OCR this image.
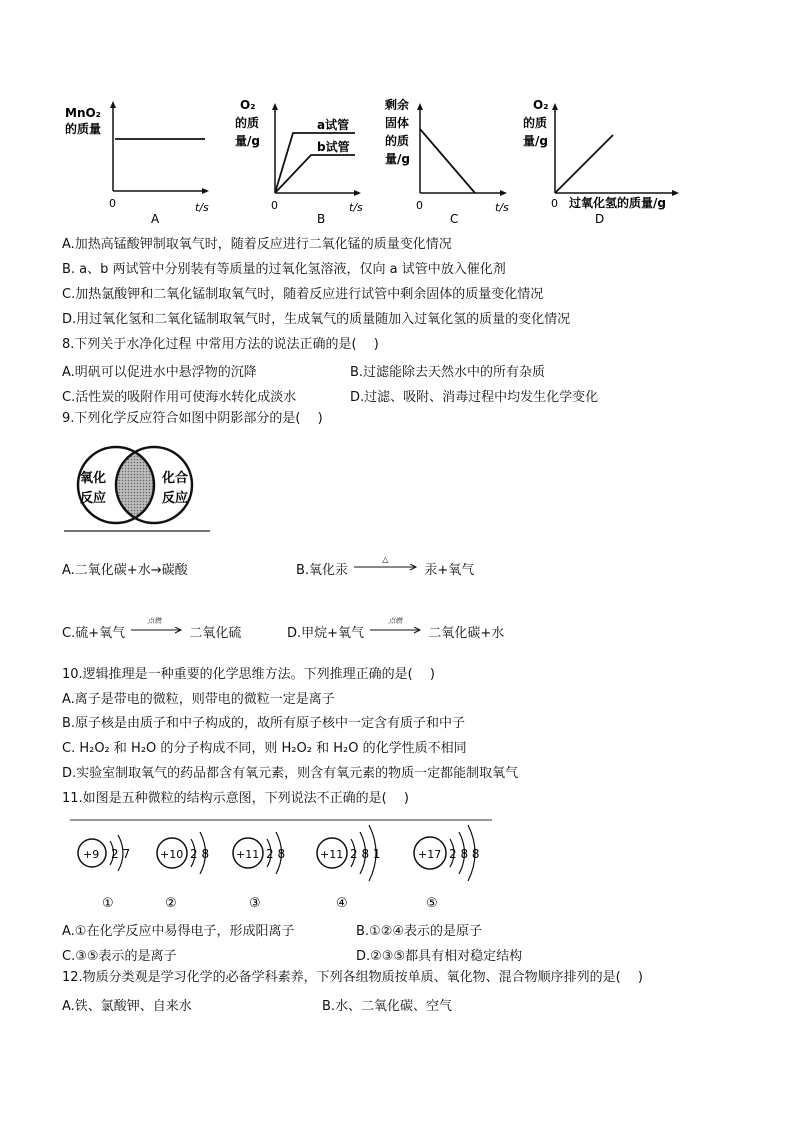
MnO₂
的质量
0	t/s
A
O₂
的质
量/g
a试管
b试管
0	t/s
B
剩余
固体
的质
量/g
0	t/s
C
O₂
的质
量/g
0 过氧化氢的质量/g
D
A.加热高锰酸钾制取氧气时，随着反应进行二氧化锰的质量变化情况
B. a、b 两试管中分别装有等质量的过氧化氢溶液，仅向 a 试管中放入催化剂
C.加热氯酸钾和二氧化锰制取氧气时，随着反应进行试管中剩余固体的质量变化情况
D.用过氧化氢和二氧化锰制取氧气时，生成氧气的质量随加入过氧化氢的质量的变化情况
8.下列关于水净化过程 中常用方法的说法正确的是(　 )
A.明矾可以促进水中悬浮物的沉降	B.过滤能除去天然水中的所有杂质
C.活性炭的吸附作用可使海水转化成淡水	D.过滤、吸附、消毒过程中均发生化学变化
9.下列化学反应符合如图中阴影部分的是(　 )
氧化
反应
化合
反应
A.二氧化碳+水→碳酸	B.氧化汞
△
汞+氧气
C.硫+氧气
点燃
二氧化硫	D.甲烷+氧气
点燃
二氧化碳+水
10.逻辑推理是一种重要的化学思维方法。下列推理正确的是(　 )
A.离子是带电的微粒，则带电的微粒一定是离子
B.原子核是由质子和中子构成的，故所有原子核中一定含有质子和中子
C. H₂O₂ 和 H₂O 的分子构成不同，则 H₂O₂ 和 H₂O 的化学性质不相同
D.实验室制取氧气的药品都含有氧元素，则含有氧元素的物质一定都能制取氧气
11.如图是五种微粒的结构示意图，下列说法不正确的是(　 )
+9 2 7
①
+10 2 8
②
+11 2 8
③
+11 2 8 1
④
+17 2 8 8
⑤
A.①在化学反应中易得电子，形成阳离子	B.①②④表示的是原子
C.③⑤表示的是离子	D.②③⑤都具有相对稳定结构
12.物质分类观是学习化学的必备学科素养，下列各组物质按单质、氧化物、混合物顺序排列的是(　 )
A.铁、氯酸钾、自来水	B.水、二氧化碳、空气
